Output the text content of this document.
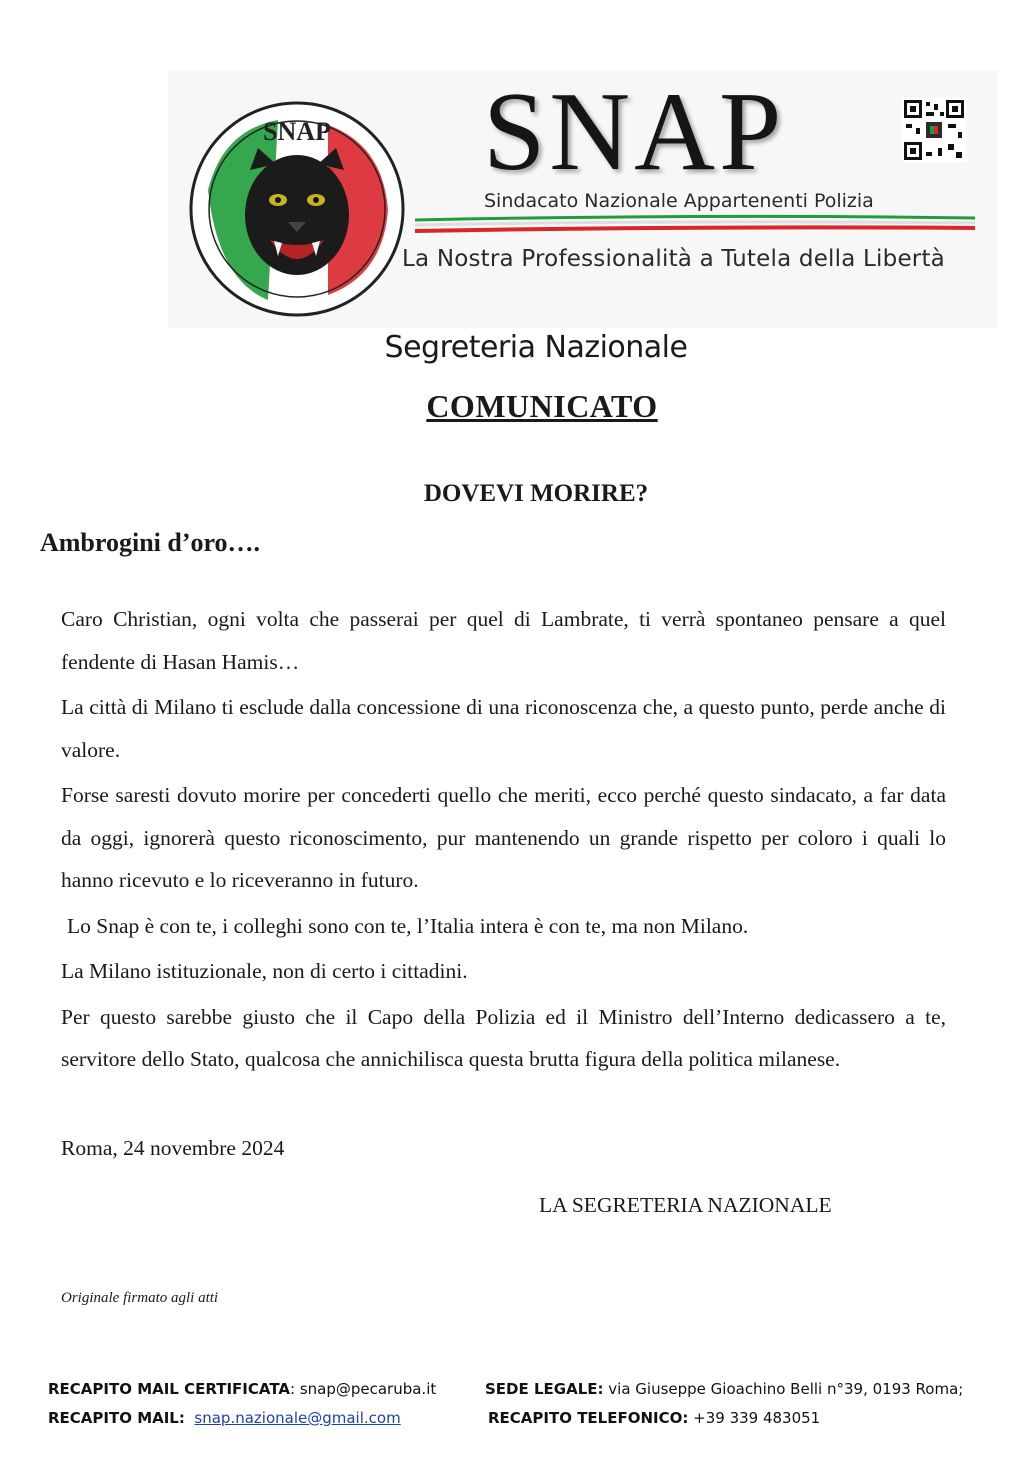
SNAP SNAP
Sindacato Nazionale Appartenenti Polizia
La Nostra Professionalità a Tutela della Libertà
Segreteria Nazionale
COMUNICATO
DOVEVI MORIRE?
Ambrogini d’oro….

Caro Christian, ogni volta che passerai per quel di Lambrate, ti verrà spontaneo pensare a quel fendente di Hasan Hamis…

La città di Milano ti esclude dalla concessione di una riconoscenza che, a questo punto, perde anche di valore.

Forse saresti dovuto morire per concederti quello che meriti, ecco perché questo sindacato, a far data da oggi, ignorerà questo riconoscimento, pur mantenendo un grande rispetto per coloro i quali lo hanno ricevuto e lo riceveranno in futuro.

Lo Snap è con te, i colleghi sono con te, l’Italia intera è con te, ma non Milano.

La Milano istituzionale, non di certo i cittadini.

Per questo sarebbe giusto che il Capo della Polizia ed il Ministro dell’Interno dedicassero a te, servitore dello Stato, qualcosa che annichilisca questa brutta figura della politica milanese.

Roma, 24 novembre 2024
LA SEGRETERIA NAZIONALE
Originale firmato agli atti
RECAPITO MAIL CERTIFICATA: snap@pecaruba.it	SEDE LEGALE: via Giuseppe Gioachino Belli n°39, 0193 Roma;
RECAPITO MAIL: snap.nazionale@gmail.com	RECAPITO TELEFONICO: +39 339 483051
